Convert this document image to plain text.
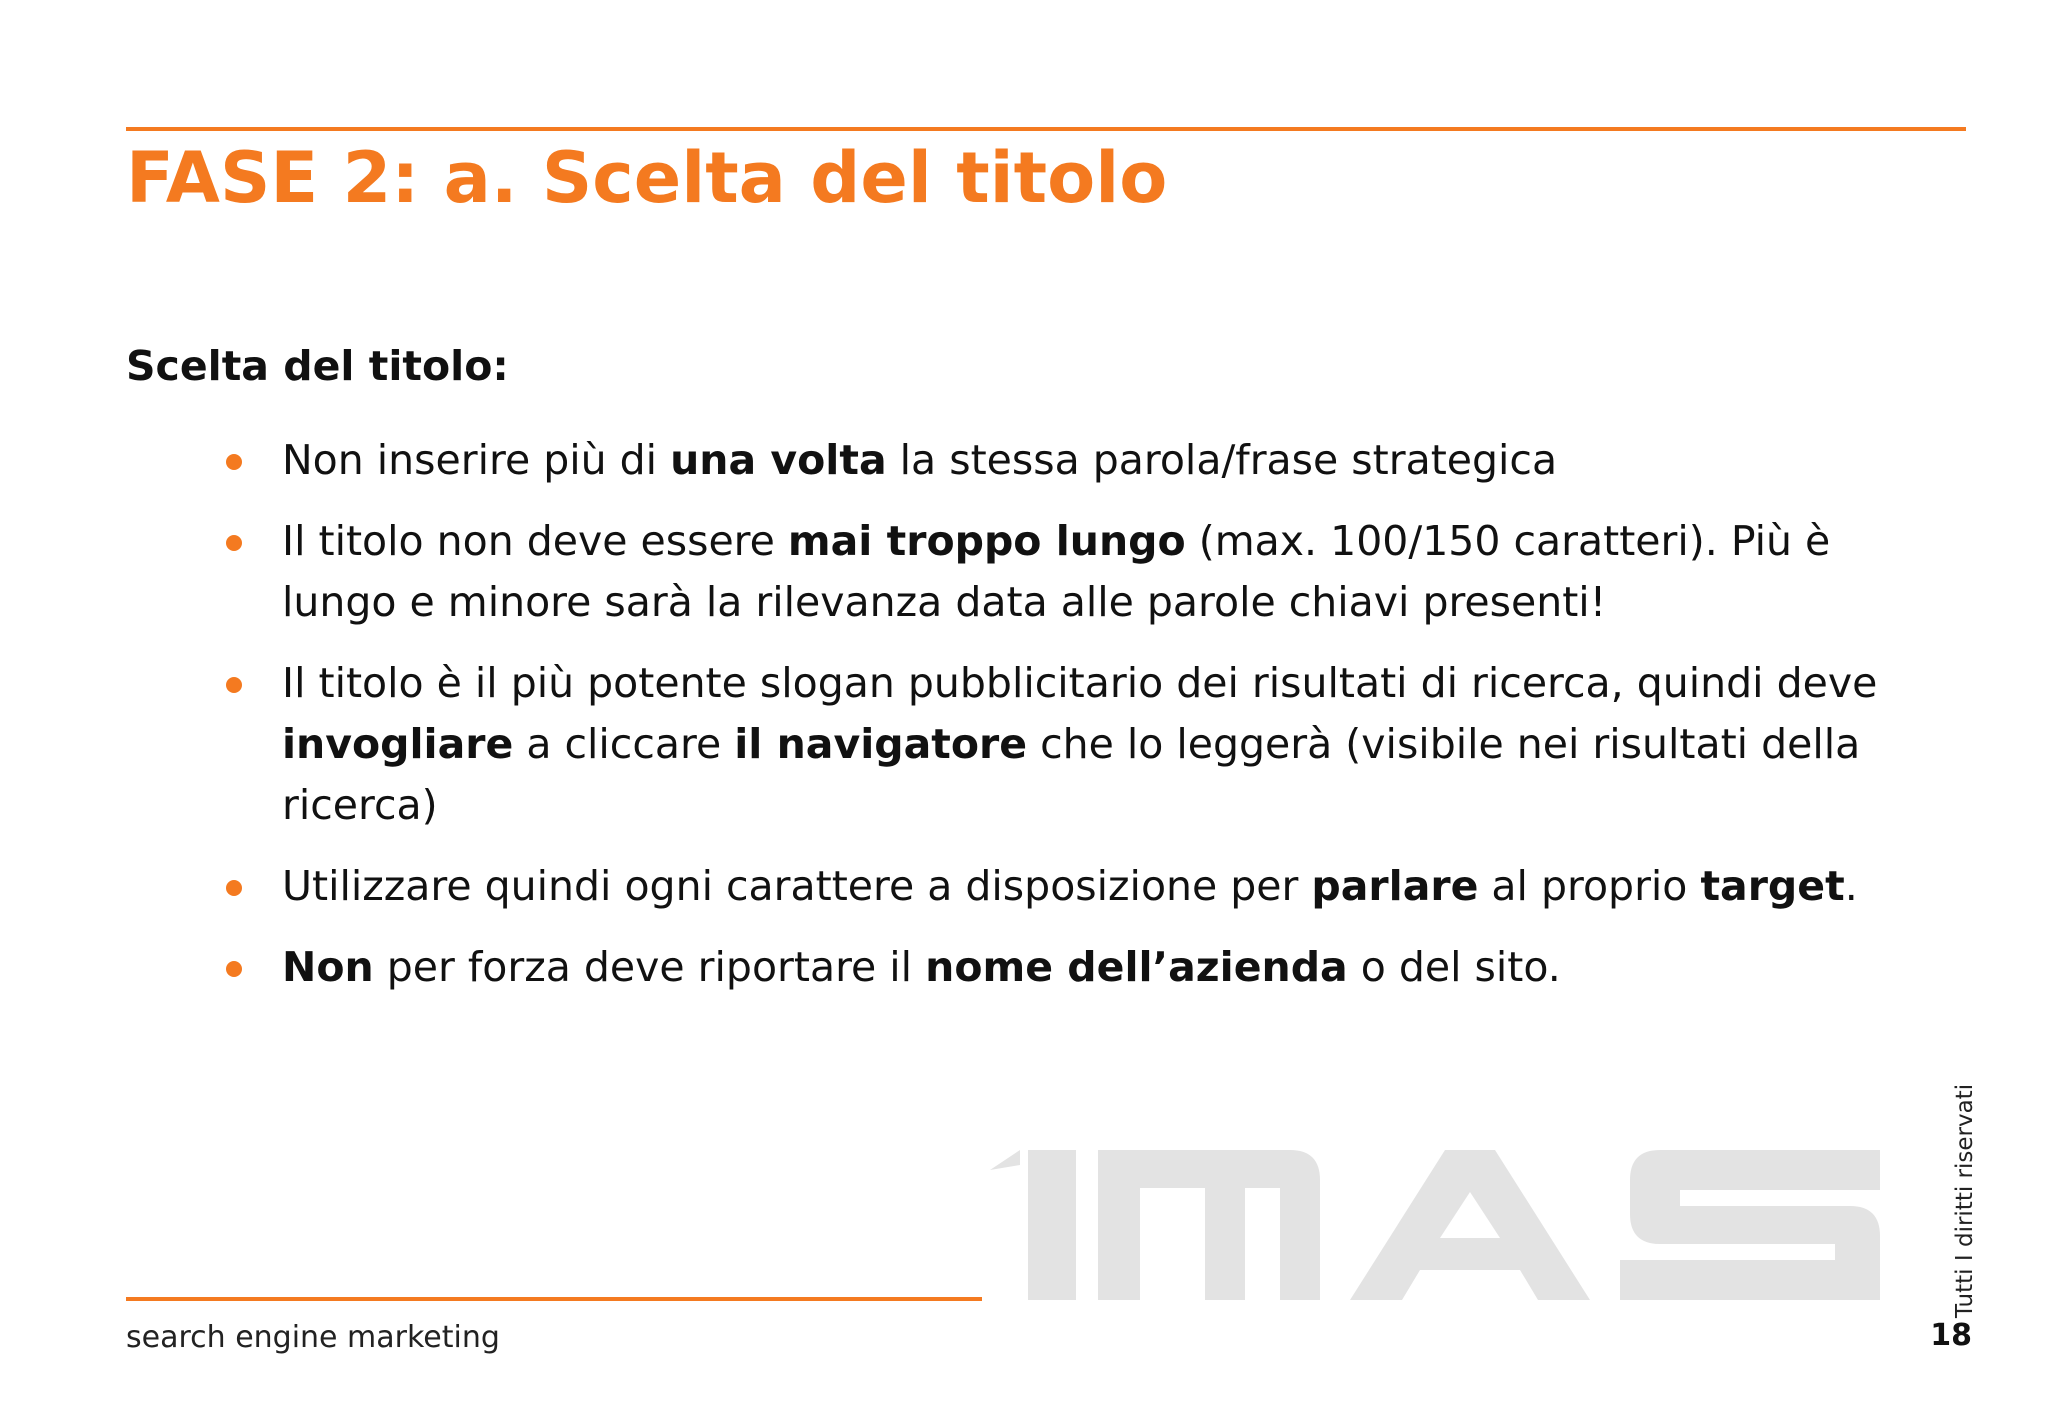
FASE 2: a. Scelta del titolo
Scelta del titolo:
Non inserire più di una volta la stessa parola/frase strategica
Il titolo non deve essere mai troppo lungo (max. 100/150 caratteri). Più è lungo e minore sarà la rilevanza data alle parole chiavi presenti!
Il titolo è il più potente slogan pubblicitario dei risultati di ricerca, quindi deve invogliare a cliccare il navigatore che lo leggerà (visibile nei risultati della ricerca)
Utilizzare quindi ogni carattere a disposizione per parlare al proprio target.
Non per forza deve riportare il nome dell’azienda o del sito.

search engine marketing

Tutti I diritti riservati

18
